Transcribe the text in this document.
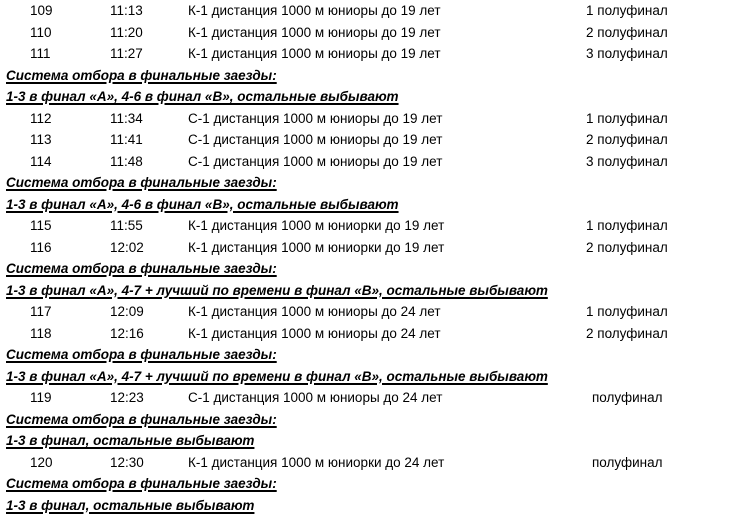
109	11:13	К-1 дистанция 1000 м юниоры до 19 лет	1 полуфинал
110	11:20	К-1 дистанция 1000 м юниоры до 19 лет	2 полуфинал
111	11:27	К-1 дистанция 1000 м юниоры до 19 лет	3 полуфинал
Система отбора в финальные заезды:
1-3 в финал «А», 4-6 в финал «В», остальные выбывают
112	11:34	С-1 дистанция 1000 м юниоры до 19 лет	1 полуфинал
113	11:41	С-1 дистанция 1000 м юниоры до 19 лет	2 полуфинал
114	11:48	С-1 дистанция 1000 м юниоры до 19 лет	3 полуфинал
Система отбора в финальные заезды:
1-3 в финал «А», 4-6 в финал «В», остальные выбывают
115	11:55	К-1 дистанция 1000 м юниорки до 19 лет	1 полуфинал
116	12:02	К-1 дистанция 1000 м юниорки до 19 лет	2 полуфинал
Система отбора в финальные заезды:
1-3 в финал «А», 4-7 + лучший по времени в финал «В», остальные выбывают
117	12:09	К-1 дистанция 1000 м юниоры до 24 лет	1 полуфинал
118	12:16	К-1 дистанция 1000 м юниоры до 24 лет	2 полуфинал
Система отбора в финальные заезды:
1-3 в финал «А», 4-7 + лучший по времени в финал «В», остальные выбывают
119	12:23	С-1 дистанция 1000 м юниоры до 24 лет	полуфинал
Система отбора в финальные заезды:
1-3 в финал, остальные выбывают
120	12:30	К-1 дистанция 1000 м юниорки до 24 лет	полуфинал
Система отбора в финальные заезды:
1-3 в финал, остальные выбывают
